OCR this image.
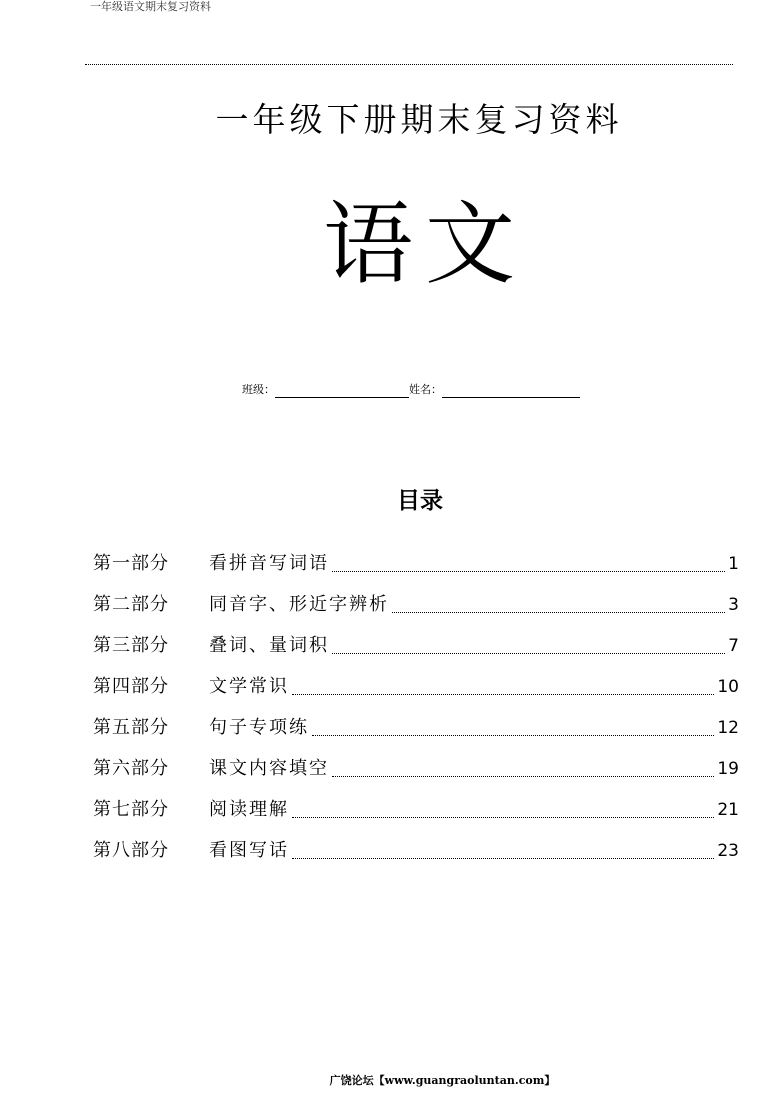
一年级语文期末复习资料
一年级下册期末复习资料
语文
班级：	姓名：
目录
第一部分	看拼音写词语	1
第二部分	同音字、形近字辨析	3
第三部分	叠词、量词积	7
第四部分	文学常识	10
第五部分	句子专项练	12
第六部分	课文内容填空	19
第七部分	阅读理解	21
第八部分	看图写话	23
广饶论坛【www.guangraoluntan.com】
